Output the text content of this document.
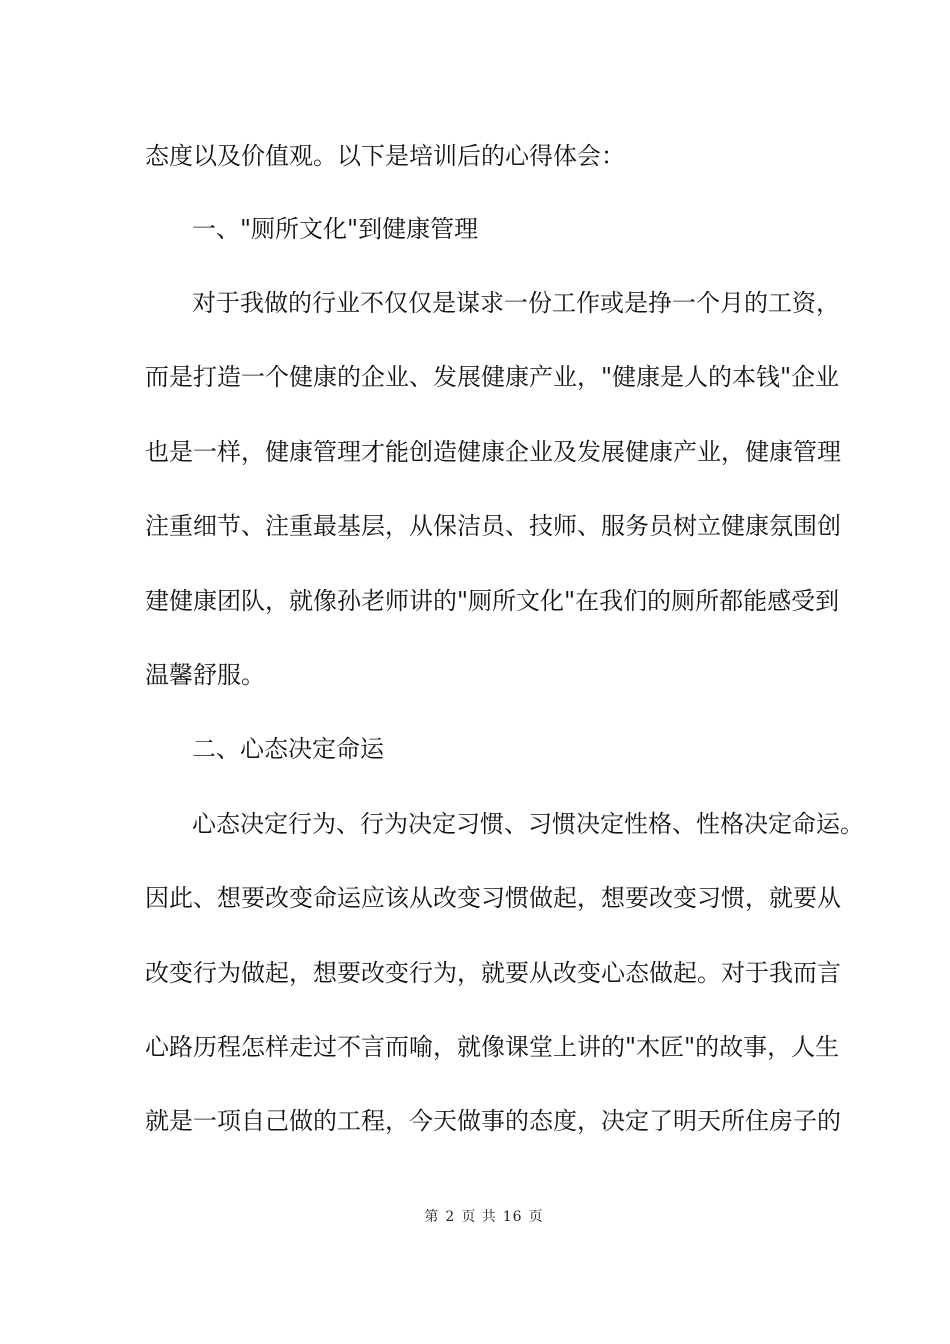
态度以及价值观。以下是培训后的心得体会：
一、"厕所文化"到健康管理
对于我做的行业不仅仅是谋求一份工作或是挣一个月的工资，
而是打造一个健康的企业、发展健康产业，"健康是人的本钱"企业
也是一样，健康管理才能创造健康企业及发展健康产业，健康管理
注重细节、注重最基层，从保洁员、技师、服务员树立健康氛围创
建健康团队，就像孙老师讲的"厕所文化"在我们的厕所都能感受到
温馨舒服。
二、心态决定命运
心态决定行为、行为决定习惯、习惯决定性格、性格决定命运。
因此、想要改变命运应该从改变习惯做起，想要改变习惯，就要从
改变行为做起，想要改变行为，就要从改变心态做起。对于我而言
心路历程怎样走过不言而喻，就像课堂上讲的"木匠"的故事，人生
就是一项自己做的工程，今天做事的态度，决定了明天所住房子的
第 2 页 共 16 页
